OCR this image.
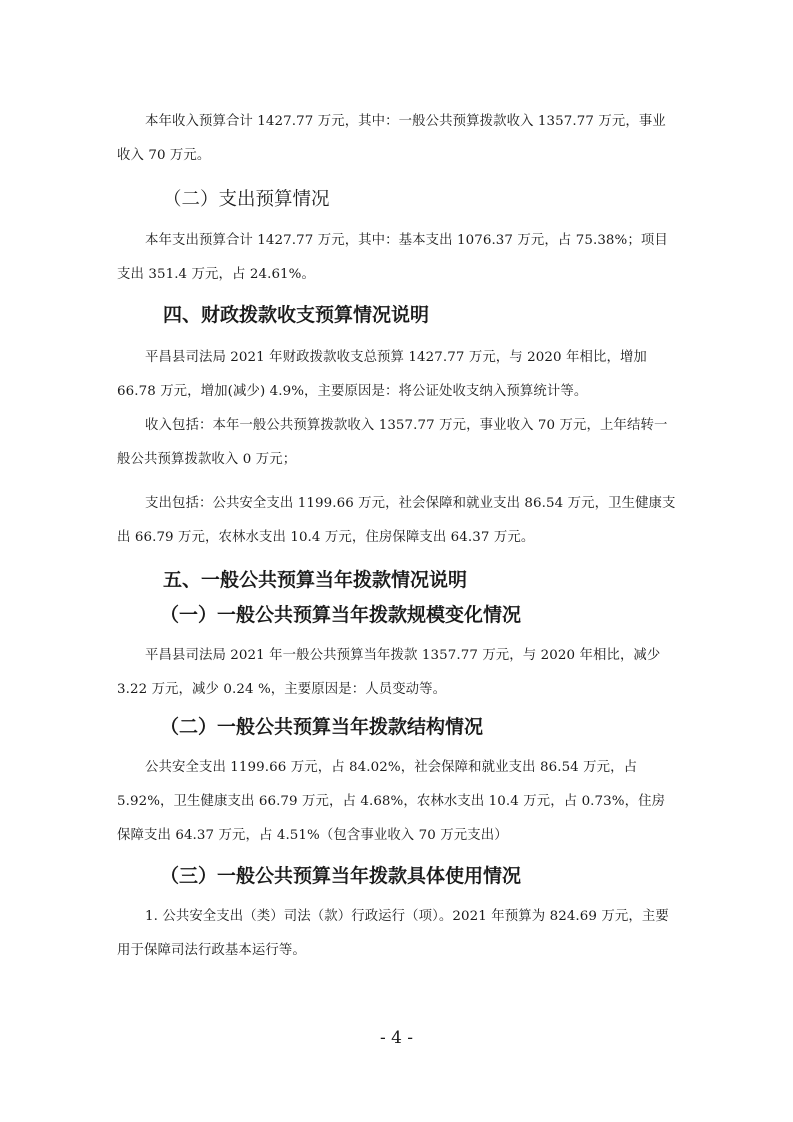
本年收入预算合计 1427.77 万元，其中：一般公共预算拨款收入 1357.77 万元，事业收入 70 万元。
（二）支出预算情况
本年支出预算合计 1427.77 万元，其中：基本支出 1076.37 万元，占 75.38%；项目支出 351.4 万元，占 24.61%。
四、财政拨款收支预算情况说明
平昌县司法局 2021 年财政拨款收支总预算 1427.77 万元，与 2020 年相比，增加 66.78 万元，增加(减少) 4.9%，主要原因是：将公证处收支纳入预算统计等。
收入包括：本年一般公共预算拨款收入 1357.77 万元，事业收入 70 万元，上年结转一般公共预算拨款收入 0 万元；
支出包括：公共安全支出 1199.66 万元，社会保障和就业支出 86.54 万元，卫生健康支出 66.79 万元，农林水支出 10.4 万元，住房保障支出 64.37 万元。
五、一般公共预算当年拨款情况说明
（一）一般公共预算当年拨款规模变化情况
平昌县司法局 2021 年一般公共预算当年拨款 1357.77 万元，与 2020 年相比，减少 3.22 万元，减少 0.24 %，主要原因是：人员变动等。
（二）一般公共预算当年拨款结构情况
公共安全支出 1199.66 万元，占 84.02%，社会保障和就业支出 86.54 万元，占 5.92%，卫生健康支出 66.79 万元，占 4.68%，农林水支出 10.4 万元，占 0.73%，住房保障支出 64.37 万元，占 4.51%（包含事业收入 70 万元支出）
（三）一般公共预算当年拨款具体使用情况
1. 公共安全支出（类）司法（款）行政运行（项）。2021 年预算为 824.69 万元，主要用于保障司法行政基本运行等。
- 4 -
